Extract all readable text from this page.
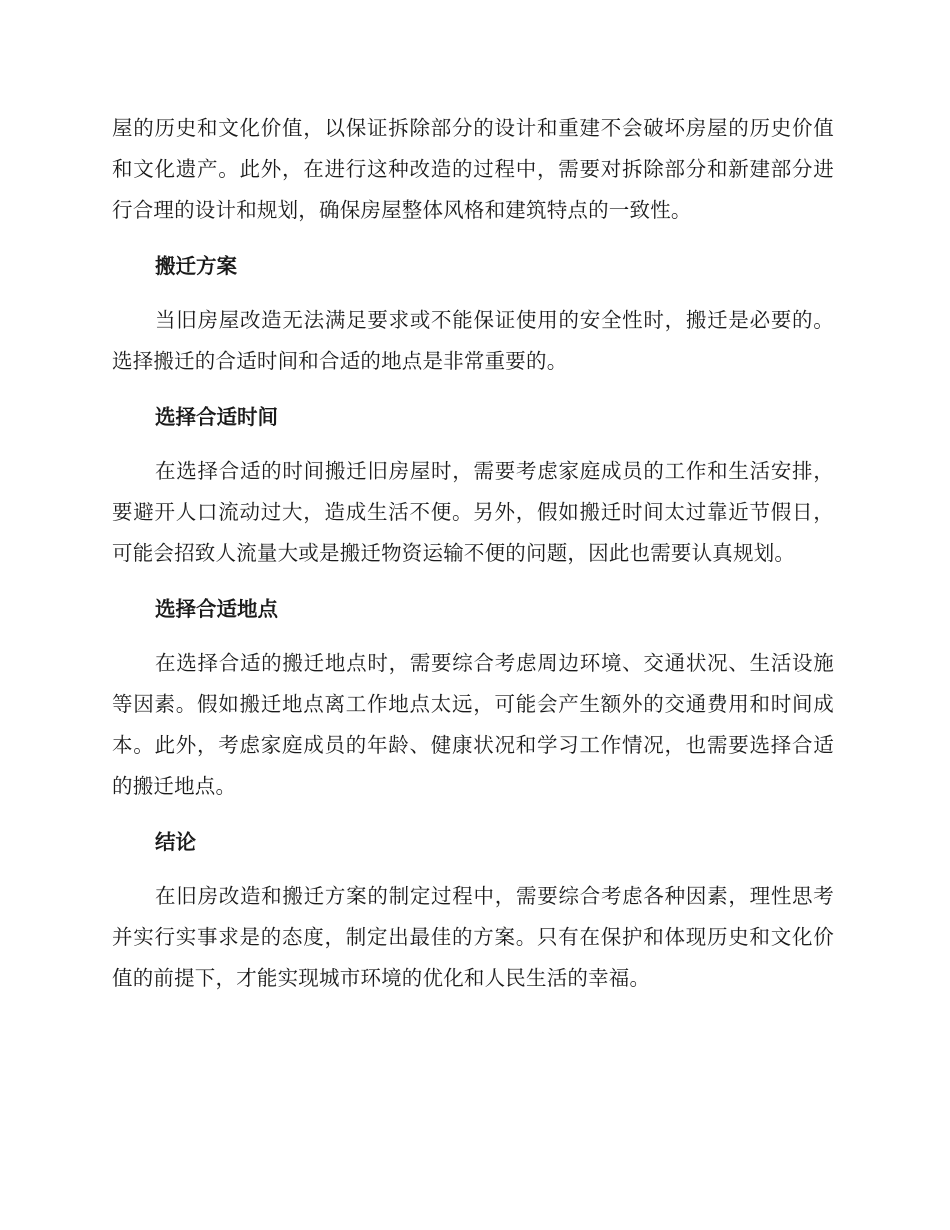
屋的历史和文化价值，以保证拆除部分的设计和重建不会破坏房屋的历史价值和文化遗产。此外，在进行这种改造的过程中，需要对拆除部分和新建部分进行合理的设计和规划，确保房屋整体风格和建筑特点的一致性。

搬迁方案

当旧房屋改造无法满足要求或不能保证使用的安全性时，搬迁是必要的。选择搬迁的合适时间和合适的地点是非常重要的。

选择合适时间

在选择合适的时间搬迁旧房屋时，需要考虑家庭成员的工作和生活安排，要避开人口流动过大，造成生活不便。另外，假如搬迁时间太过靠近节假日，可能会招致人流量大或是搬迁物资运输不便的问题，因此也需要认真规划。

选择合适地点

在选择合适的搬迁地点时，需要综合考虑周边环境、交通状况、生活设施等因素。假如搬迁地点离工作地点太远，可能会产生额外的交通费用和时间成本。此外，考虑家庭成员的年龄、健康状况和学习工作情况，也需要选择合适的搬迁地点。

结论

在旧房改造和搬迁方案的制定过程中，需要综合考虑各种因素，理性思考并实行实事求是的态度，制定出最佳的方案。只有在保护和体现历史和文化价值的前提下，才能实现城市环境的优化和人民生活的幸福。
